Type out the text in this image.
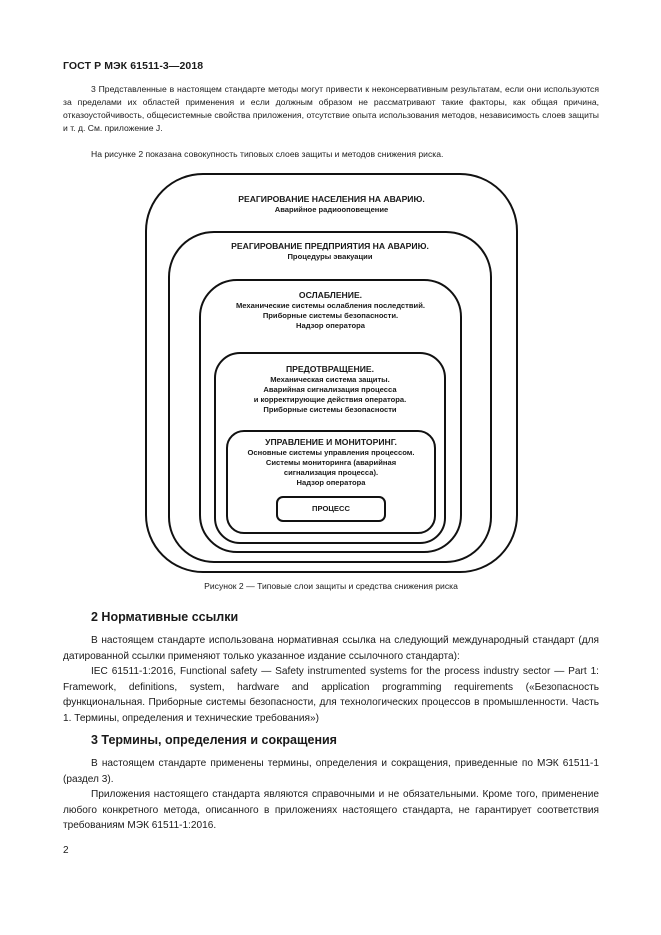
ГОСТ Р МЭК 61511-3—2018

3 Представленные в настоящем стандарте методы могут привести к неконсервативным результатам, если они используются за пределами их областей применения и если должным образом не рассматривают такие факторы, как общая причина, отказоустойчивость, общесистемные свойства приложения, отсутствие опыта использования методов, независимость слоев защиты и т. д. См. приложение J.

На рисунке 2 показана совокупность типовых слоев защиты и методов снижения риска.

РЕАГИРОВАНИЕ НАСЕЛЕНИЯ НА АВАРИЮ.
Аварийное радиооповещение
РЕАГИРОВАНИЕ ПРЕДПРИЯТИЯ НА АВАРИЮ.
Процедуры эвакуации
ОСЛАБЛЕНИЕ.
Механические системы ослабления последствий.
Приборные системы безопасности.
Надзор оператора
ПРЕДОТВРАЩЕНИЕ.
Механическая система защиты.
Аварийная сигнализация процесса
и корректирующие действия оператора.
Приборные системы безопасности
УПРАВЛЕНИЕ И МОНИТОРИНГ.
Основные системы управления процессом.
Системы мониторинга (аварийная
сигнализация процесса).
Надзор оператора
ПРОЦЕСС
Рисунок 2 — Типовые слои защиты и средства снижения риска
2 Нормативные ссылки

В настоящем стандарте использована нормативная ссылка на следующий международный стандарт (для датированной ссылки применяют только указанное издание ссылочного стандарта):

IEC 61511-1:2016, Functional safety — Safety instrumented systems for the process industry sector — Part 1: Framework, definitions, system, hardware and application programming requirements («Безопасность функциональная. Приборные системы безопасности, для технологических процессов в промышленности. Часть 1. Термины, определения и технические требования»)

3 Термины, определения и сокращения

В настоящем стандарте применены термины, определения и сокращения, приведенные по МЭК 61511-1 (раздел 3).

Приложения настоящего стандарта являются справочными и не обязательными. Кроме того, применение любого конкретного метода, описанного в приложениях настоящего стандарта, не гарантирует соответствия требованиям МЭК 61511-1:2016.

2
